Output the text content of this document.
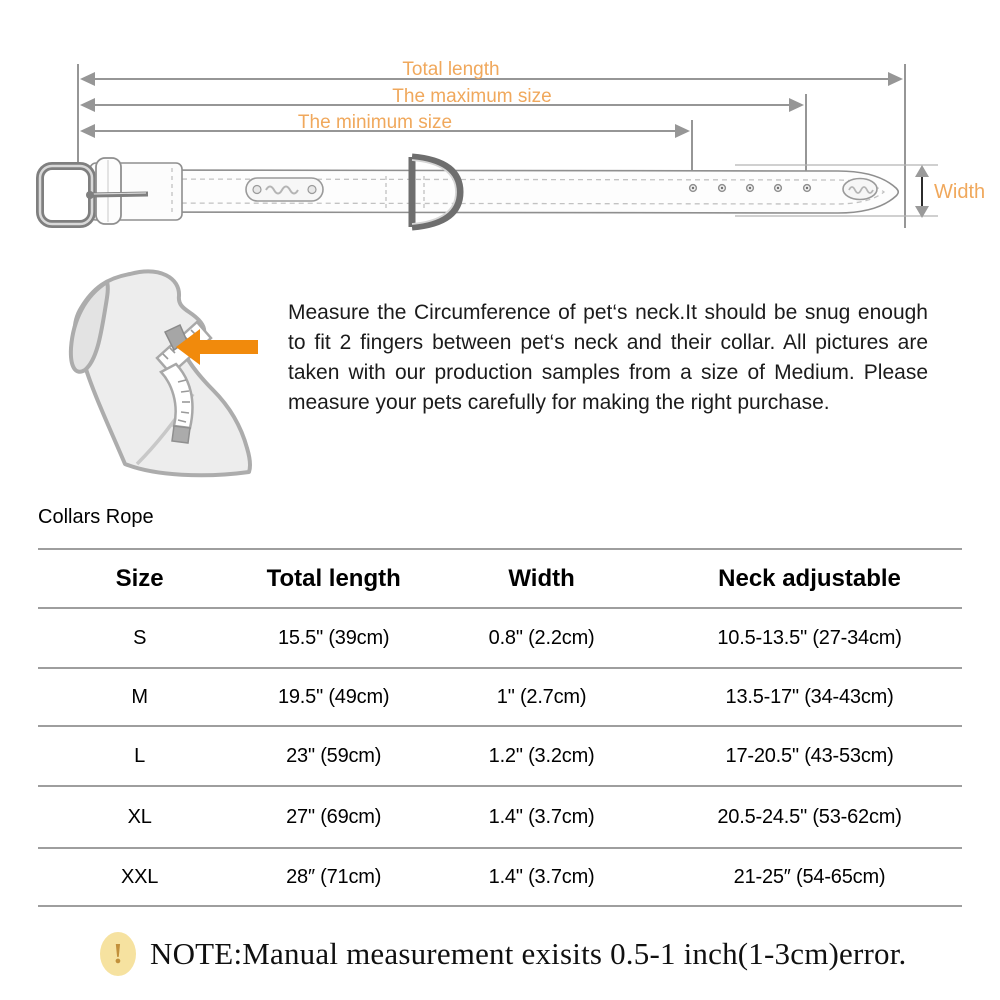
Total length
The maximum size
The minimum size
Width
Measure the Circumference of pet‘s neck.It should be snug enough to fit 2 fingers between pet‘s neck and their collar. All pictures are taken with our production samples from a size of Medium. Please measure your pets carefully for making the right purchase.
Collars Rope
Size	Total length	Width	Neck adjustable
S	15.5" (39cm)	0.8" (2.2cm)	10.5-13.5" (27-34cm)
M	19.5" (49cm)	1" (2.7cm)	13.5-17" (34-43cm)
L	23" (59cm)	1.2" (3.2cm)	17-20.5" (43-53cm)
XL	27" (69cm)	1.4" (3.7cm)	20.5-24.5" (53-62cm)
XXL	28″ (71cm)	1.4" (3.7cm)	21-25″ (54-65cm)
! NOTE:Manual measurement exisits 0.5-1 inch(1-3cm)error.
